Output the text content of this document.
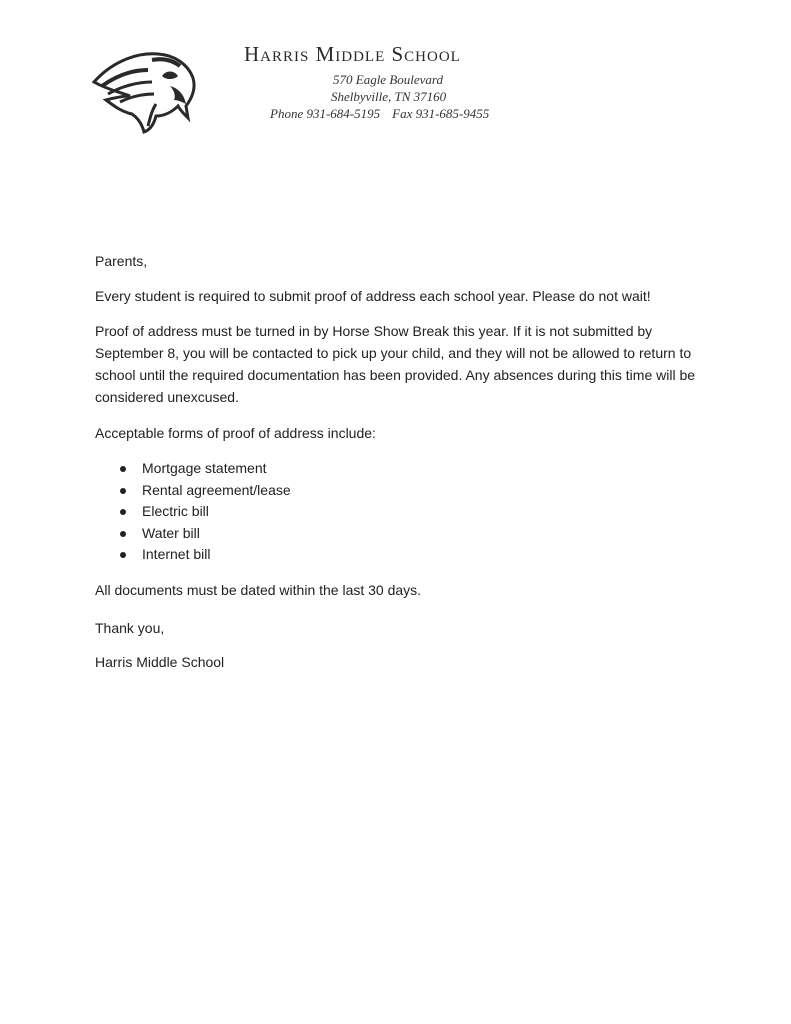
Harris Middle School
570 Eagle Boulevard
Shelbyville, TN 37160
Phone 931-684-5195 Fax 931-685-9455
Parents,
Every student is required to submit proof of address each school year. Please do not wait!
Proof of address must be turned in by Horse Show Break this year. If it is not submitted by September 8, you will be contacted to pick up your child, and they will not be allowed to return to school until the required documentation has been provided. Any absences during this time will be considered unexcused.
Acceptable forms of proof of address include:
Mortgage statement
Rental agreement/lease
Electric bill
Water bill
Internet bill
All documents must be dated within the last 30 days.
Thank you,
Harris Middle School
